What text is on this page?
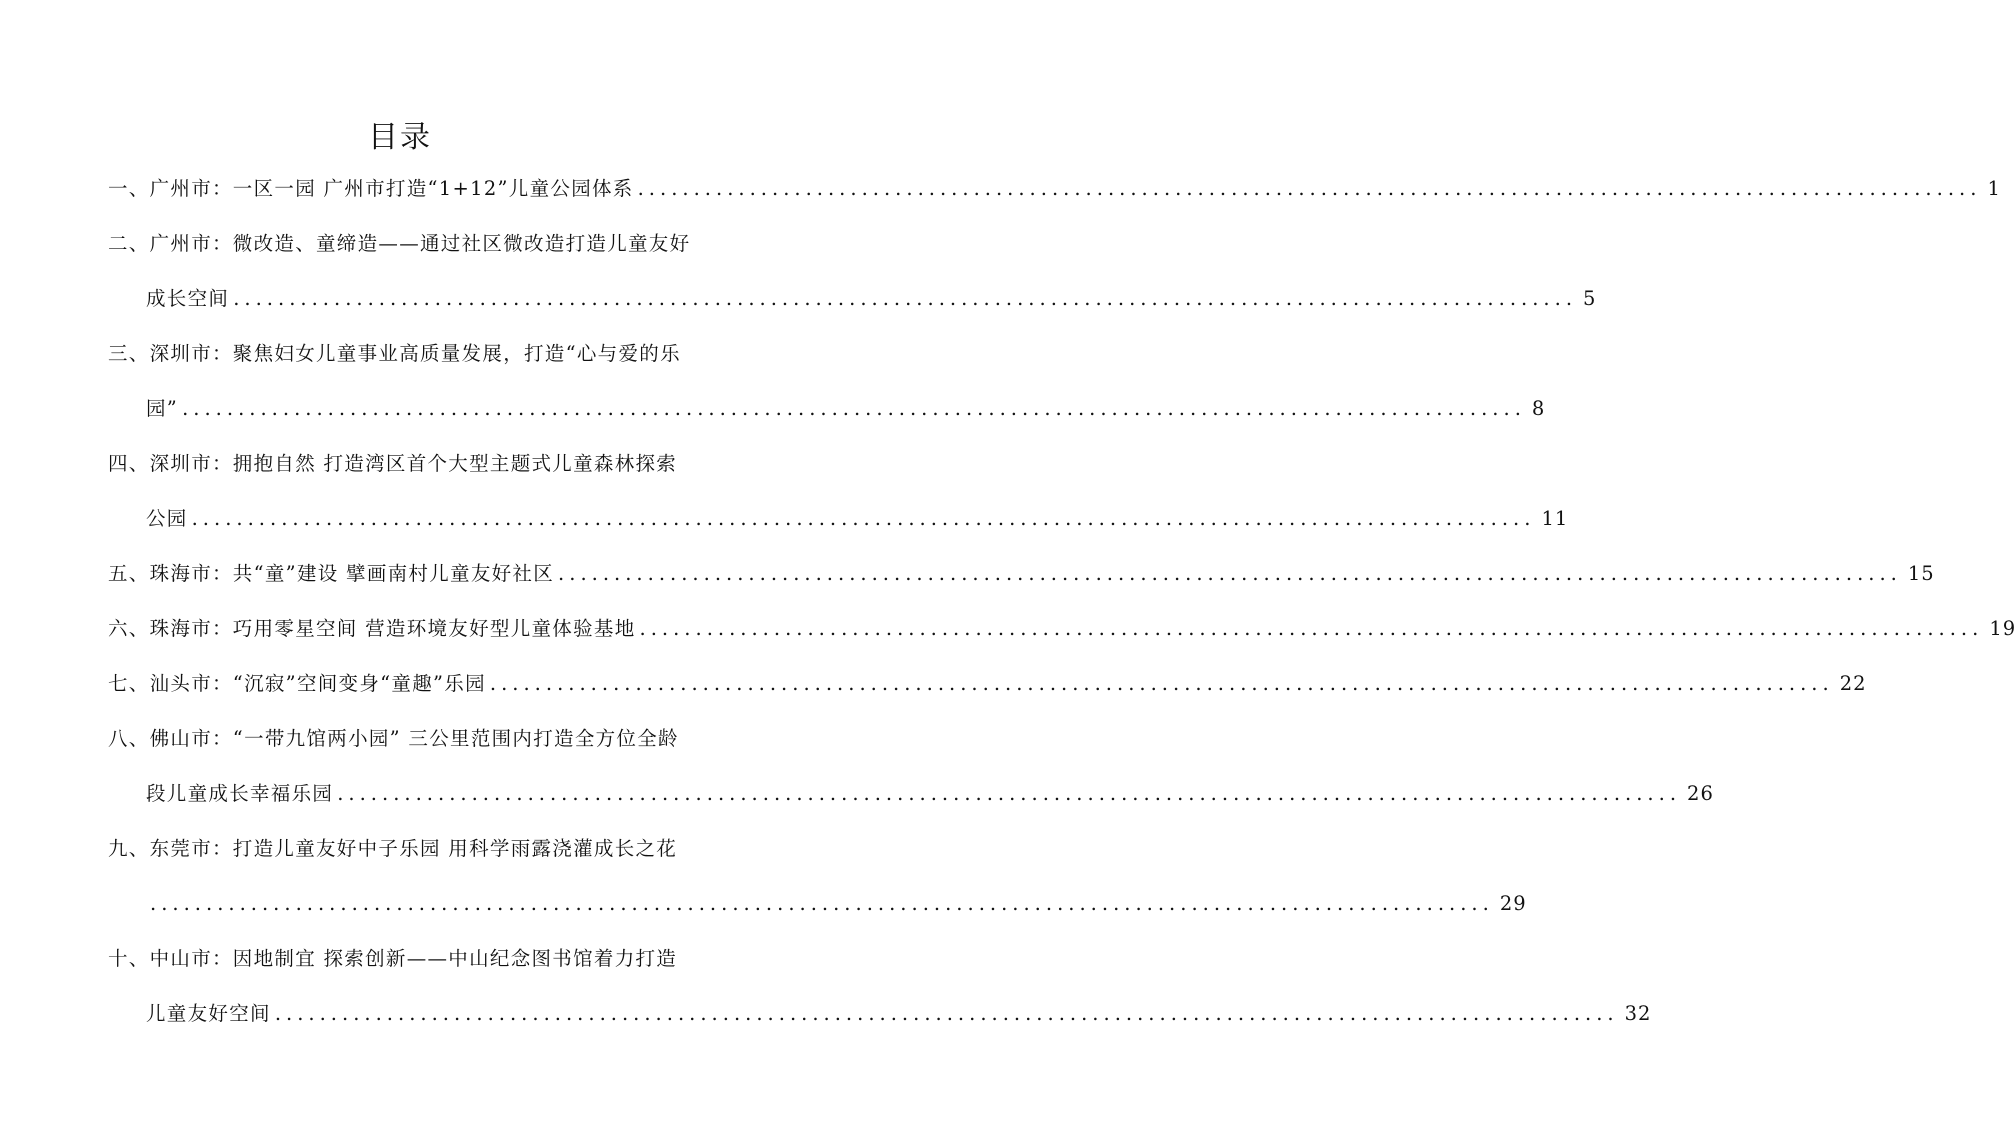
目录
一、广州市：一区一园 广州市打造“1+12”儿童公园体系 ........................................................................................................................ 1
二、广州市：微改造、童缔造——通过社区微改造打造儿童友好
成长空间 ........................................................................................................................ 5
三、深圳市：聚焦妇女儿童事业高质量发展，打造“心与爱的乐
园” ........................................................................................................................ 8
四、深圳市：拥抱自然 打造湾区首个大型主题式儿童森林探索
公园 ........................................................................................................................ 11
五、珠海市：共“童”建设 擘画南村儿童友好社区 ........................................................................................................................ 15
六、珠海市：巧用零星空间 营造环境友好型儿童体验基地 ........................................................................................................................ 19
七、汕头市：“沉寂”空间变身“童趣”乐园 ........................................................................................................................ 22
八、佛山市：“一带九馆两小园” 三公里范围内打造全方位全龄
段儿童成长幸福乐园 ........................................................................................................................ 26
九、东莞市：打造儿童友好中子乐园 用科学雨露浇灌成长之花
........................................................................................................................ 29
十、中山市：因地制宜 探索创新——中山纪念图书馆着力打造
儿童友好空间 ........................................................................................................................ 32
